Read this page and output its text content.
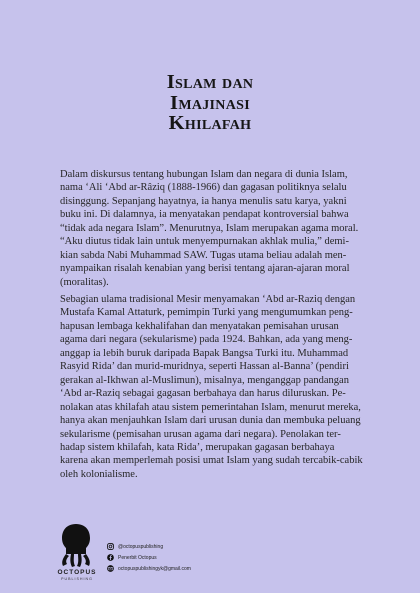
Islam dan
Imajinasi
Khilafah

Dalam diskursus tentang hubungan Islam dan negara di dunia Islam,
nama ‘Ali ‘Abd ar-Râziq (1888-1966) dan gagasan politiknya selalu
disinggung. Sepanjang hayatnya, ia hanya menulis satu karya, yakni
buku ini. Di dalamnya, ia menyatakan pendapat kontroversial bahwa
“tidak ada negara Islam”. Menurutnya, Islam merupakan agama moral.
“Aku diutus tidak lain untuk menyempurnakan akhlak mulia,” demi-
kian sabda Nabi Muhammad SAW. Tugas utama beliau adalah men-
nyampaikan risalah kenabian yang berisi tentang ajaran-ajaran moral
(moralitas).

Sebagian ulama tradisional Mesir menyamakan ‘Abd ar-Raziq dengan
Mustafa Kamal Attaturk, pemimpin Turki yang mengumumkan peng-
hapusan lembaga kekhalifahan dan menyatakan pemisahan urusan
agama dari negara (sekularisme) pada 1924. Bahkan, ada yang meng-
anggap ia lebih buruk daripada Bapak Bangsa Turki itu. Muhammad
Rasyid Rida’ dan murid-muridnya, seperti Hassan al-Banna’ (pendiri
gerakan al-Ikhwan al-Muslimun), misalnya, menganggap pandangan
‘Abd ar-Raziq sebagai gagasan berbahaya dan harus diluruskan. Pe-
nolakan atas khilafah atau sistem pemerintahan Islam, menurut mereka,
hanya akan menjauhkan Islam dari urusan dunia dan membuka peluang
sekularisme (pemisahan urusan agama dari negara). Penolakan ter-
hadap sistem khilafah, kata Rida’, merupakan gagasan berbahaya
karena akan memperlemah posisi umat Islam yang sudah tercabik-cabik
oleh kolonialisme.

OCTOPUS
PUBLISHING
@octopuspublishing
Penerbit Octopus
octopuspublishingyk@gmail.com
